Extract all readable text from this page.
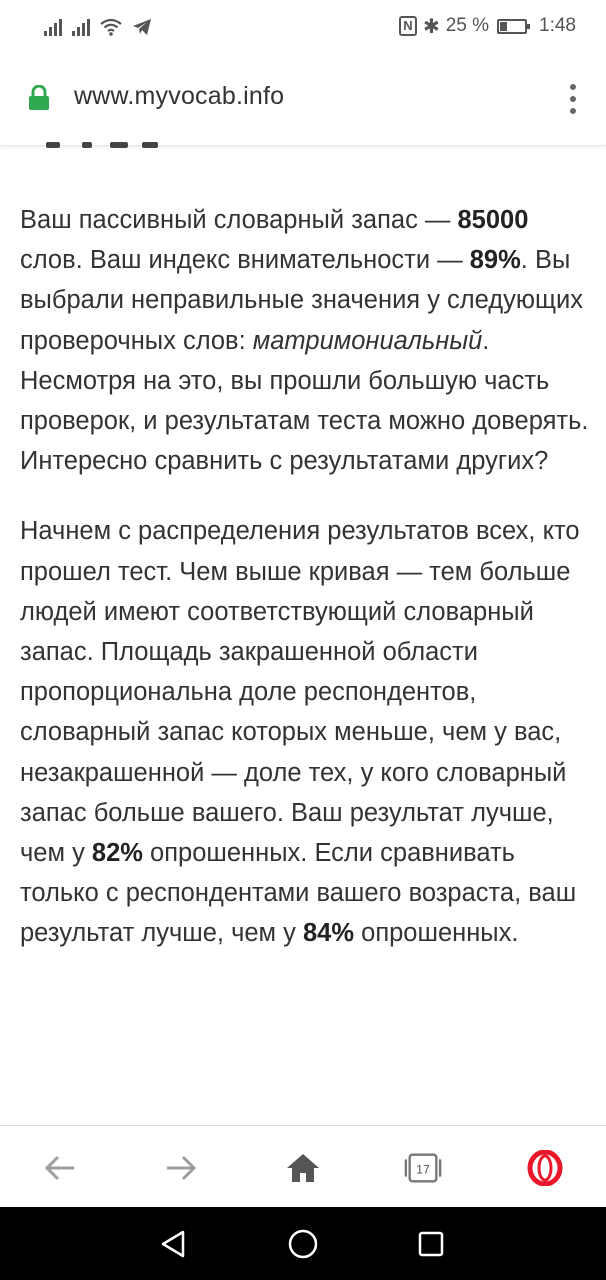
N ✱ 25 %	1:48
www.myvocab.info

Ваш пассивный словарный запас — 85000 слов. Ваш индекс внимательности — 89%. Вы выбрали неправильные значения у следующих проверочных слов: матримониальный. Несмотря на это, вы прошли большую часть проверок, и результатам теста можно доверять. Интересно сравнить с результатами других?

Начнем с распределения результатов всех, кто прошел тест. Чем выше кривая — тем больше людей имеют соответствующий словарный запас. Площадь закрашенной области пропорциональна доле респондентов, словарный запас которых меньше, чем у вас, незакрашенной — доле тех, у кого словарный запас больше вашего. Ваш результат лучше, чем у 82% опрошенных. Если сравнивать только с респондентами вашего возраста, ваш результат лучше, чем у 84% опрошенных.

17
